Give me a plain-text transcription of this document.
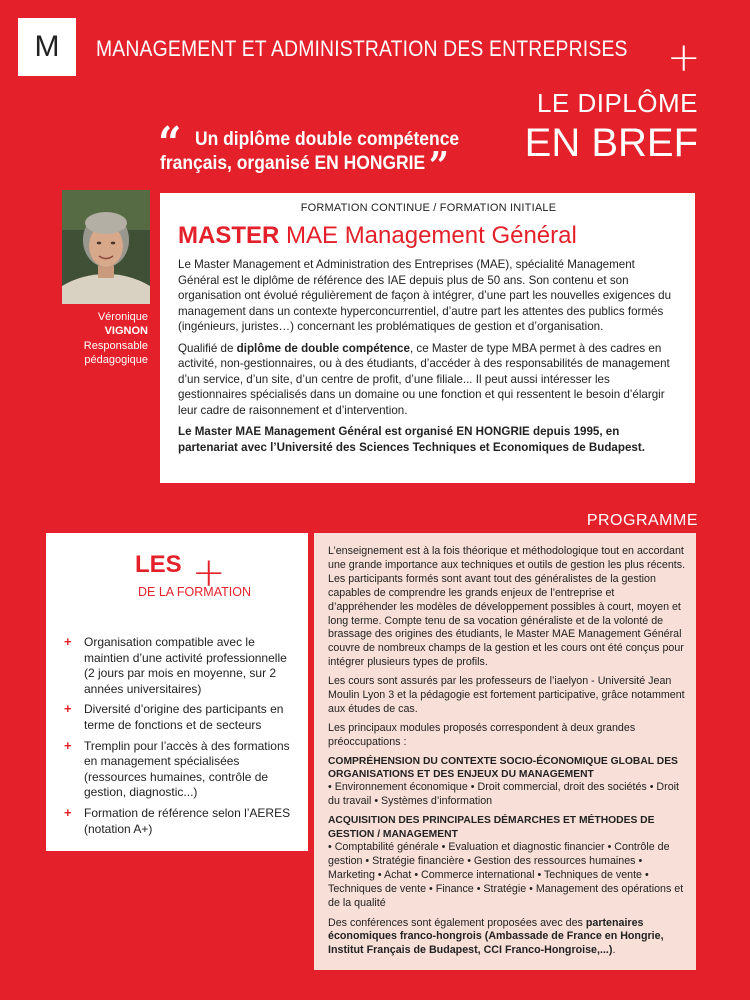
M MANAGEMENT ET ADMINISTRATION DES ENTREPRISES +
LE DIPLÔME
EN BREF
“ Un diplôme double compétence
français, organisé EN HONGRIE”
Véronique
VIGNON
Responsable pédagogique
FORMATION CONTINUE / FORMATION INITIALE
MASTER MAE Management Général

Le Master Management et Administration des Entreprises (MAE), spécialité Management Général est le diplôme de référence des IAE depuis plus de 50 ans. Son contenu et son organisation ont évolué régulièrement de façon à intégrer, d’une part les nouvelles exigences du management dans un contexte hyperconcurrentiel, d’autre part les attentes des publics formés (ingénieurs, juristes…) concernant les problématiques de gestion et d’organisation.

Qualifié de diplôme de double compétence, ce Master de type MBA permet à des cadres en activité, non-gestionnaires, ou à des étudiants, d’accéder à des responsabilités de management d’un service, d’un site, d’un centre de profit, d’une filiale... Il peut aussi intéresser les gestionnaires spécialisés dans un domaine ou une fonction et qui ressentent le besoin d’élargir leur cadre de raisonnement et d’intervention.

Le Master MAE Management Général est organisé EN HONGRIE depuis 1995, en partenariat avec l’Université des Sciences Techniques et Economiques de Budapest.

PROGRAMME
LES +
DE LA FORMATION
+ Organisation compatible avec le maintien d’une activité professionnelle (2 jours par mois en moyenne, sur 2 années universitaires)
+ Diversité d’origine des participants en terme de fonctions et de secteurs
+ Tremplin pour l’accès à des formations en management spécialisées (ressources humaines, contrôle de gestion, diagnostic...)
+ Formation de référence selon l’AERES (notation A+)

L’enseignement est à la fois théorique et méthodologique tout en accordant une grande importance aux techniques et outils de gestion les plus récents. Les participants formés sont avant tout des généralistes de la gestion capables de comprendre les grands enjeux de l’entreprise et d’appréhender les modèles de développement possibles à court, moyen et long terme. Compte tenu de sa vocation généraliste et de la volonté de brassage des origines des étudiants, le Master MAE Management Général couvre de nombreux champs de la gestion et les cours ont été conçus pour intégrer plusieurs types de profils.

Les cours sont assurés par les professeurs de l’iaelyon - Université Jean Moulin Lyon 3 et la pédagogie est fortement participative, grâce notamment aux études de cas.

Les principaux modules proposés correspondent à deux grandes préoccupations :

COMPRÉHENSION DU CONTEXTE SOCIO-ÉCONOMIQUE GLOBAL DES ORGANISATIONS ET DES ENJEUX DU MANAGEMENT
• Environnement économique • Droit commercial, droit des sociétés • Droit du travail • Systèmes d’information
ACQUISITION DES PRINCIPALES DÉMARCHES ET MÉTHODES DE GESTION / MANAGEMENT
• Comptabilité générale • Evaluation et diagnostic financier • Contrôle de gestion • Stratégie financière • Gestion des ressources humaines • Marketing • Achat • Commerce international • Techniques de vente • Techniques de vente • Finance • Stratégie • Management des opérations et de la qualité

Des conférences sont également proposées avec des partenaires économiques franco-hongrois (Ambassade de France en Hongrie, Institut Français de Budapest, CCI Franco-Hongroise,...).
